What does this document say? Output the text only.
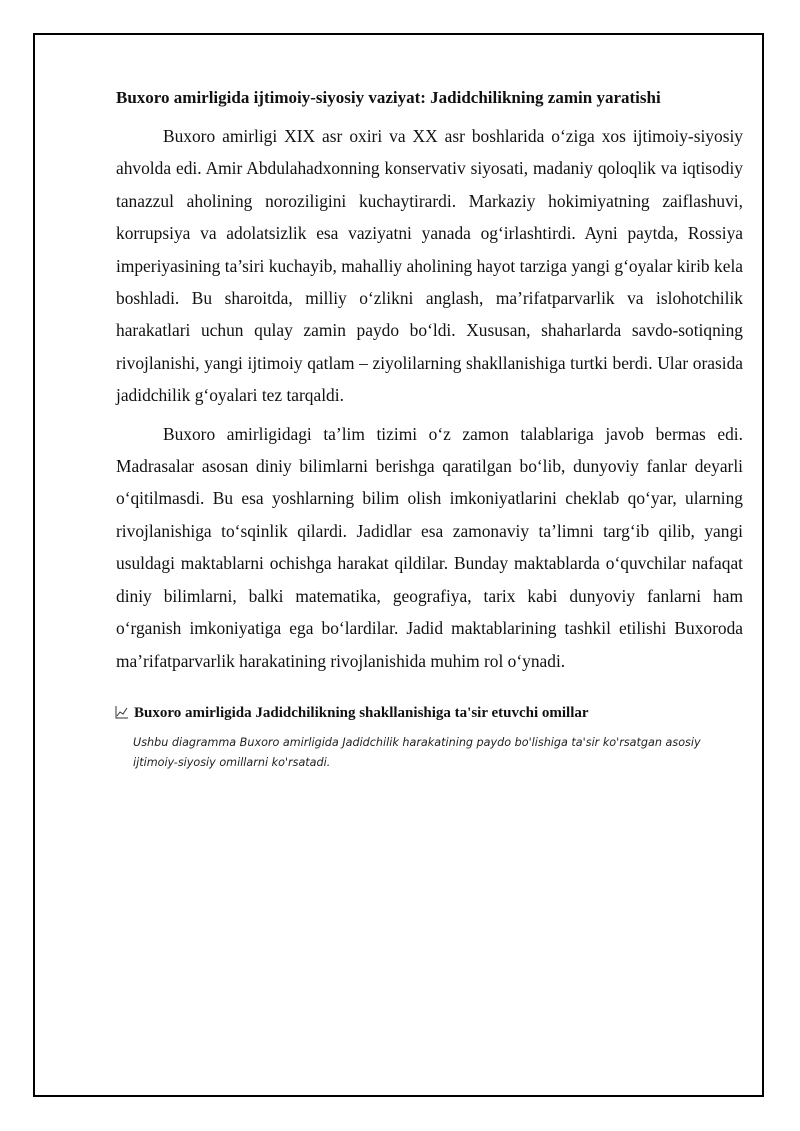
Buxoro amirligida ijtimoiy-siyosiy vaziyat: Jadidchilikning zamin yaratishi

Buxoro amirligi XIX asr oxiri va XX asr boshlarida o‘ziga xos ijtimoiy-siyosiy ahvolda edi. Amir Abdulahadxonning konservativ siyosati, madaniy qoloqlik va iqtisodiy tanazzul aholining noroziligini kuchaytirardi. Markaziy hokimiyatning zaiflashuvi, korrupsiya va adolatsizlik esa vaziyatni yanada og‘irlashtirdi. Ayni paytda, Rossiya imperiyasining ta’siri kuchayib, mahalliy aholining hayot tarziga yangi g‘oyalar kirib kela boshladi. Bu sharoitda, milliy o‘zlikni anglash, ma’rifatparvarlik va islohotchilik harakatlari uchun qulay zamin paydo bo‘ldi. Xususan, shaharlarda savdo-sotiqning rivojlanishi, yangi ijtimoiy qatlam – ziyolilarning shakllanishiga turtki berdi. Ular orasida jadidchilik g‘oyalari tez tarqaldi.

Buxoro amirligidagi ta’lim tizimi o‘z zamon talablariga javob bermas edi. Madrasalar asosan diniy bilimlarni berishga qaratilgan bo‘lib, dunyoviy fanlar deyarli o‘qitilmasdi. Bu esa yoshlarning bilim olish imkoniyatlarini cheklab qo‘yar, ularning rivojlanishiga to‘sqinlik qilardi. Jadidlar esa zamonaviy ta’limni targ‘ib qilib, yangi usuldagi maktablarni ochishga harakat qildilar. Bunday maktablarda o‘quvchilar nafaqat diniy bilimlarni, balki matematika, geografiya, tarix kabi dunyoviy fanlarni ham o‘rganish imkoniyatiga ega bo‘lardilar. Jadid maktablarining tashkil etilishi Buxoroda ma’rifatparvarlik harakatining rivojlanishida muhim rol o‘ynadi.

Buxoro amirligida Jadidchilikning shakllanishiga ta'sir etuvchi omillar
Ushbu diagramma Buxoro amirligida Jadidchilik harakatining paydo bo'lishiga ta'sir ko'rsatgan asosiy ijtimoiy-siyosiy omillarni ko'rsatadi.
